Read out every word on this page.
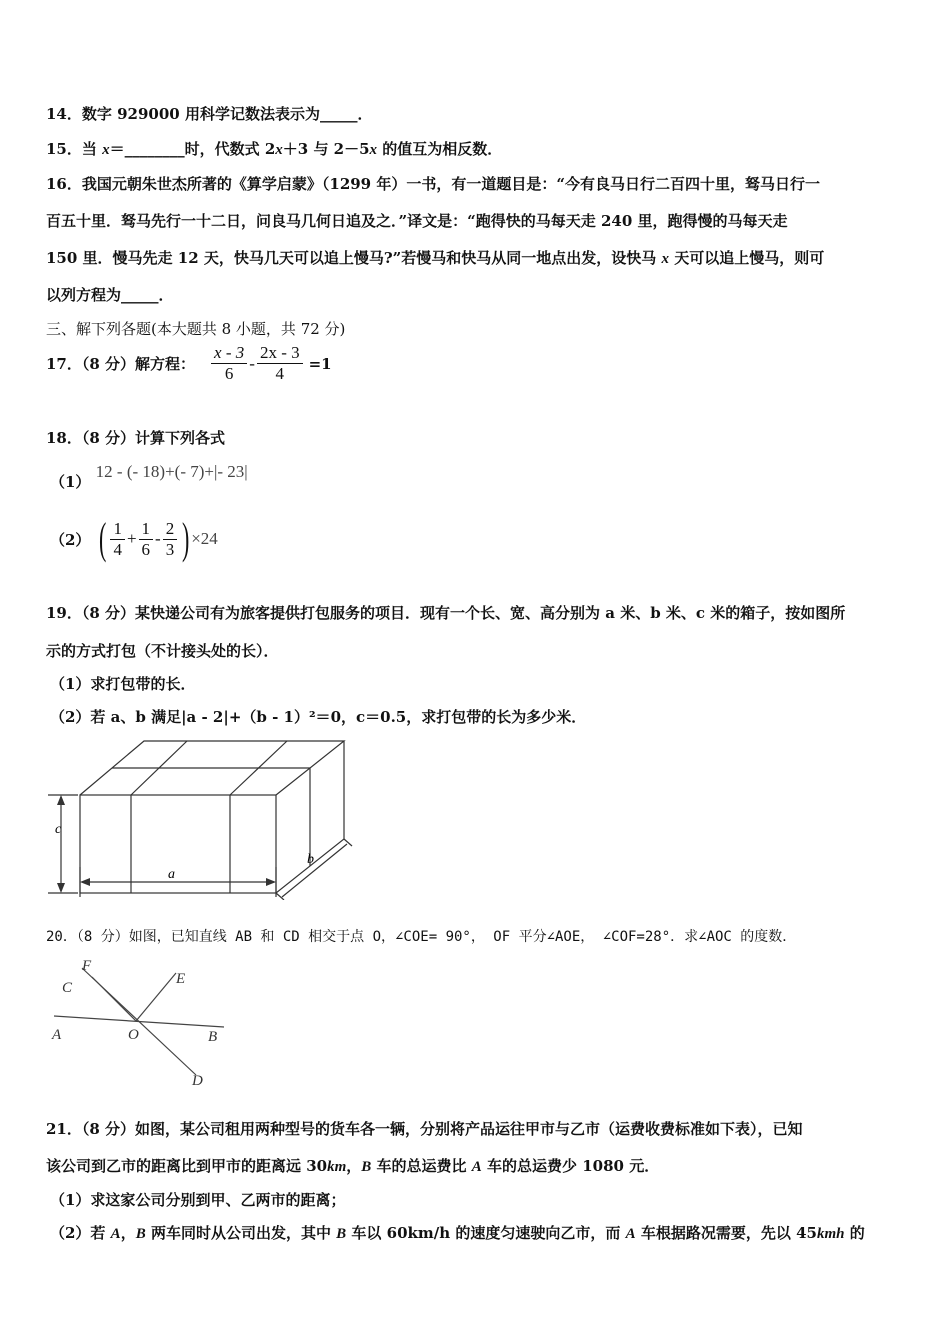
14．数字 929000 用科学记数法表示为_____．
15．当 x＝________时，代数式 2x＋3 与 2－5x 的值互为相反数．
16．我国元朝朱世杰所著的《算学启蒙》（1299 年）一书，有一道题目是：“今有良马日行二百四十里，驽马日行一
百五十里．驽马先行一十二日，问良马几何日追及之．”译文是：“跑得快的马每天走 240 里，跑得慢的马每天走
150 里．慢马先走 12 天，快马几天可以追上慢马?”若慢马和快马从同一地点出发，设快马 x 天可以追上慢马，则可
以列方程为_____．
三、解下列各题(本大题共 8 小题，共 72 分)
17．（8 分）解方程： $\frac{x - 3}{6} - \frac{2x - 3}{4} =1$
18．（8 分）计算下列各式
（1） 12 - (- 18)+(- 7)+|- 23|
（2） ( $\frac{1}{4} + \frac{1}{6} - \frac{2}{3}$ ) ×24
19．（8 分）某快递公司有为旅客提供打包服务的项目．现有一个长、宽、高分别为 a 米、b 米、c 米的箱子，按如图所
示的方式打包（不计接头处的长）．
（1）求打包带的长．
（2）若 a、b 满足|a - 2|+（b - 1）²＝0，c＝0.5，求打包带的长为多少米．
c
a
b
20．（8 分）如图，已知直线 AB 和 CD 相交于点 O，∠COE= 90°， OF 平分∠AOE， ∠COF=28°．求∠AOC 的度数．
F
C
E
A	O	B
D
21．（8 分）如图，某公司租用两种型号的货车各一辆，分别将产品运往甲市与乙市（运费收费标准如下表），已知
该公司到乙市的距离比到甲市的距离远 30km，B 车的总运费比 A 车的总运费少 1080 元．
（1）求这家公司分别到甲、乙两市的距离；
（2）若 A，B 两车同时从公司出发，其中 B 车以 60km/h 的速度匀速驶向乙市，而 A 车根据路况需要，先以 45kmh 的
